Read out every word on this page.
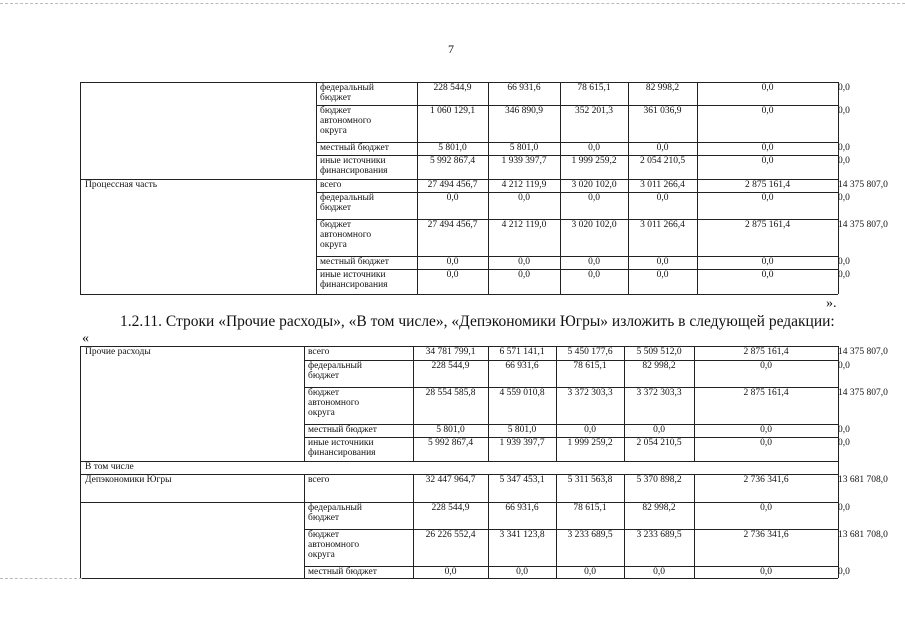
7
федеральный
бюджет
228 544,9	66 931,6	78 615,1	82 998,2	0,0	0,0
бюджет
автономного
округа
1 060 129,1	346 890,9	352 201,3	361 036,9	0,0	0,0
местный бюджет	5 801,0	5 801,0	0,0	0,0	0,0	0,0
иные источники
финансирования
5 992 867,4	1 939 397,7	1 999 259,2	2 054 210,5	0,0	0,0
Процессная часть	всего	27 494 456,7	4 212 119,9	3 020 102,0	3 011 266,4	2 875 161,4	14 375 807,0
федеральный
бюджет
0,0	0,0	0,0	0,0	0,0	0,0
бюджет
автономного
округа
27 494 456,7	4 212 119,0	3 020 102,0	3 011 266,4	2 875 161,4	14 375 807,0
местный бюджет	0,0	0,0	0,0	0,0	0,0	0,0
иные источники
финансирования
0,0	0,0	0,0	0,0	0,0	0,0
».
1.2.11. Строки «Прочие расходы», «В том числе», «Депэкономики Югры» изложить в следующей редакции:
«
Прочие расходы	всего	34 781 799,1	6 571 141,1	5 450 177,6	5 509 512,0	2 875 161,4	14 375 807,0
федеральный
бюджет
228 544,9	66 931,6	78 615,1	82 998,2	0,0	0,0
бюджет
автономного
округа
28 554 585,8	4 559 010,8	3 372 303,3	3 372 303,3	2 875 161,4	14 375 807,0
местный бюджет	5 801,0	5 801,0	0,0	0,0	0,0	0,0
иные источники
финансирования
5 992 867,4	1 939 397,7	1 999 259,2	2 054 210,5	0,0	0,0
В том числе
Депэкономики Югры	всего	32 447 964,7	5 347 453,1	5 311 563,8	5 370 898,2	2 736 341,6	13 681 708,0
федеральный
бюджет
228 544,9	66 931,6	78 615,1	82 998,2	0,0	0,0
бюджет
автономного
округа
26 226 552,4	3 341 123,8	3 233 689,5	3 233 689,5	2 736 341,6	13 681 708,0
местный бюджет	0,0	0,0	0,0	0,0	0,0	0,0
